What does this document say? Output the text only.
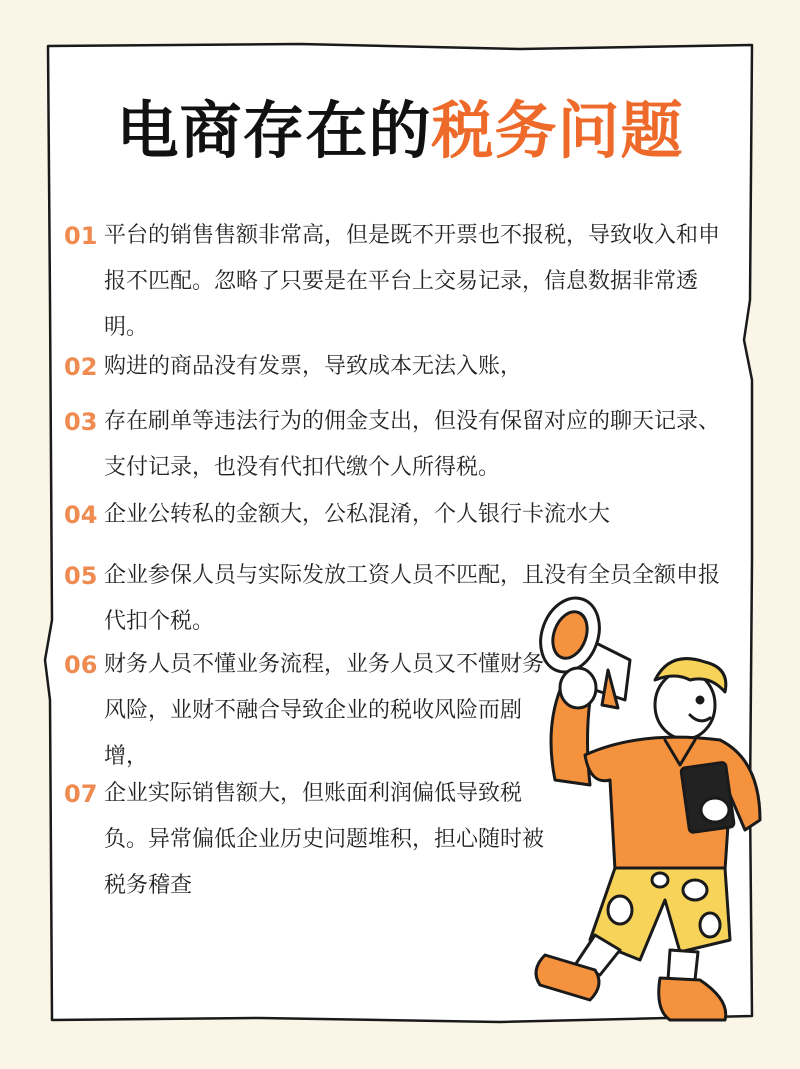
电商存在的税务问题
01 平台的销售售额非常高，但是既不开票也不报税，导致收入和申报不匹配。忽略了只要是在平台上交易记录，信息数据非常透明。
02 购进的商品没有发票，导致成本无法入账，
03 存在刷单等违法行为的佣金支出，但没有保留对应的聊天记录、支付记录，也没有代扣代缴个人所得税。
04 企业公转私的金额大，公私混淆，个人银行卡流水大
05 企业参保人员与实际发放工资人员不匹配，且没有全员全额申报代扣个税。
06 财务人员不懂业务流程，业务人员又不懂财务风险，业财不融合导致企业的税收风险而剧增，
07 企业实际销售额大，但账面利润偏低导致税负。异常偏低企业历史问题堆积，担心随时被税务稽查
